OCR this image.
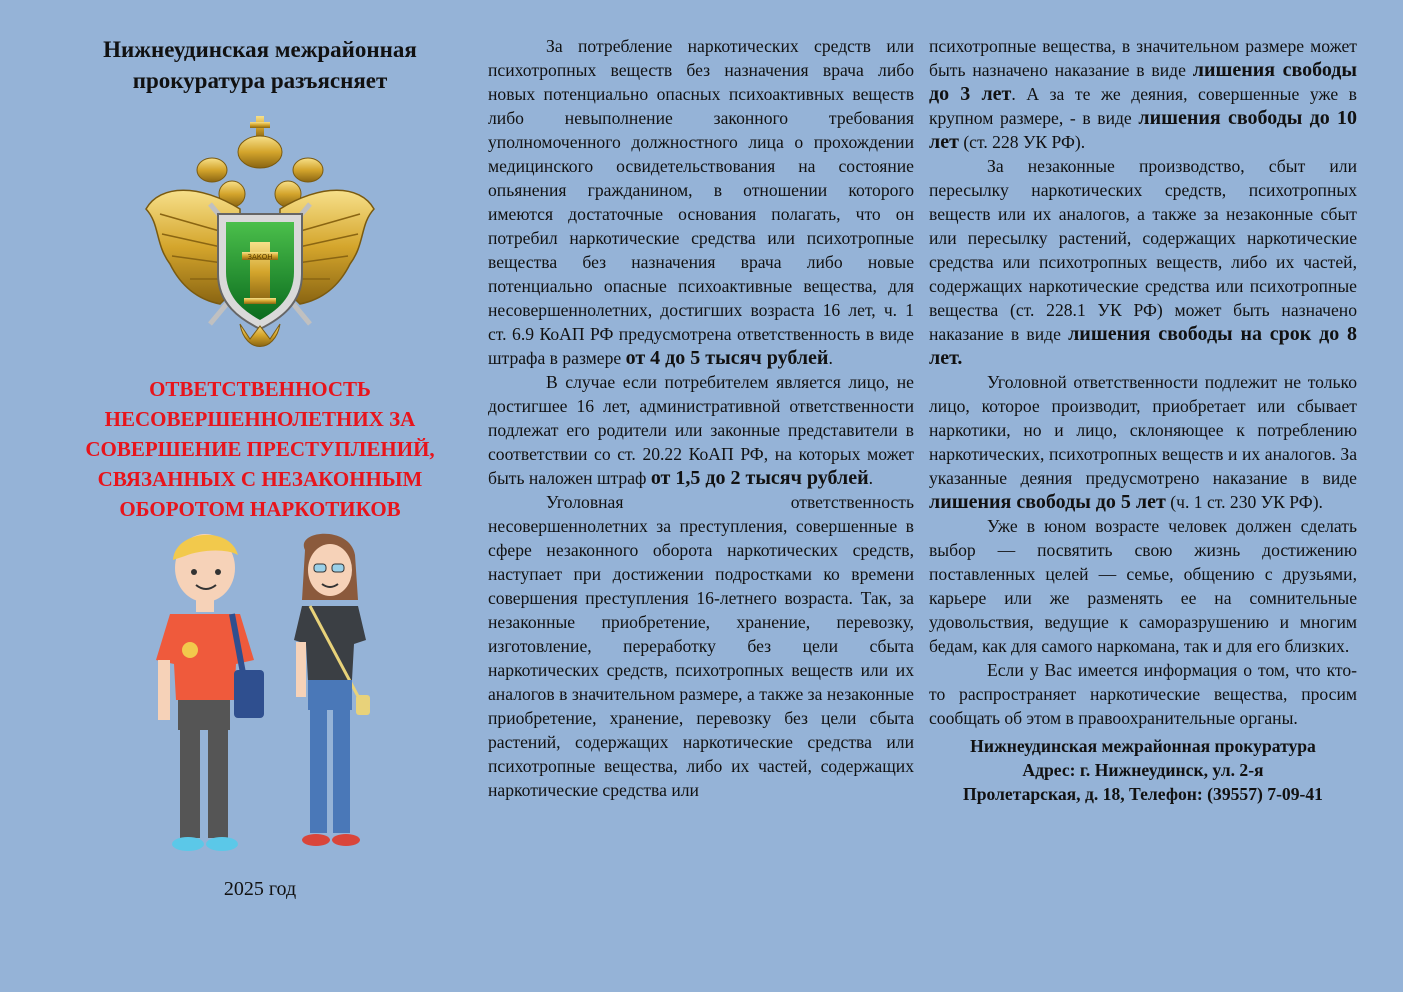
Нижнеудинская межрайонная
прокуратура разъясняет
ЗАКОН
ОТВЕТСТВЕННОСТЬ
НЕСОВЕРШЕННОЛЕТНИХ ЗА
СОВЕРШЕНИЕ ПРЕСТУПЛЕНИЙ,
СВЯЗАННЫХ С НЕЗАКОННЫМ
ОБОРОТОМ НАРКОТИКОВ
2025 год

За потребление наркотических средств или психотропных веществ без назначения врача либо новых потенциально опасных психоактивных веществ либо невыполнение законного требования уполномоченного должностного лица о прохождении медицинского освидетельствования на состояние опьянения гражданином, в отношении которого имеются достаточные основания полагать, что он потребил наркотические средства или психотропные вещества без назначения врача либо новые потенциально опасные психоактивные вещества, для несовершеннолетних, достигших возраста 16 лет, ч. 1 ст. 6.9 КоАП РФ предусмотрена ответственность в виде штрафа в размере от 4 до 5 тысяч рублей.

В случае если потребителем является лицо, не достигшее 16 лет, административной ответственности подлежат его родители или законные представители в соответствии со ст. 20.22 КоАП РФ, на которых может быть наложен штраф от 1,5 до 2 тысяч рублей.

Уголовная ответственность несовершеннолетних за преступления, совершенные в сфере незаконного оборота наркотических средств, наступает при достижении подростками ко времени совершения преступления 16-летнего возраста. Так, за незаконные приобретение, хранение, перевозку, изготовление, переработку без цели сбыта наркотических средств, психотропных веществ или их аналогов в значительном размере, а также за незаконные приобретение, хранение, перевозку без цели сбыта растений, содержащих наркотические средства или психотропные вещества, либо их частей, содержащих наркотические средства или

психотропные вещества, в значительном размере может быть назначено наказание в виде лишения свободы до 3 лет. А за те же деяния, совершенные уже в крупном размере, - в виде лишения свободы до 10 лет (ст. 228 УК РФ).

За незаконные производство, сбыт или пересылку наркотических средств, психотропных веществ или их аналогов, а также за незаконные сбыт или пересылку растений, содержащих наркотические средства или психотропных веществ, либо их частей, содержащих наркотические средства или психотропные вещества (ст. 228.1 УК РФ) может быть назначено наказание в виде лишения свободы на срок до 8 лет.

Уголовной ответственности подлежит не только лицо, которое производит, приобретает или сбывает наркотики, но и лицо, склоняющее к потреблению наркотических, психотропных веществ и их аналогов. За указанные деяния предусмотрено наказание в виде лишения свободы до 5 лет (ч. 1 ст. 230 УК РФ).

Уже в юном возрасте человек должен сделать выбор — посвятить свою жизнь достижению поставленных целей — семье, общению с друзьями, карьере или же разменять ее на сомнительные удовольствия, ведущие к саморазрушению и многим бедам, как для самого наркомана, так и для его близких.

Если у Вас имеется информация о том, что кто-то распространяет наркотические вещества, просим сообщать об этом в правоохранительные органы.

Нижнеудинская межрайонная прокуратура
Адрес: г. Нижнеудинск, ул. 2-я
Пролетарская, д. 18, Телефон: (39557) 7-09-41
